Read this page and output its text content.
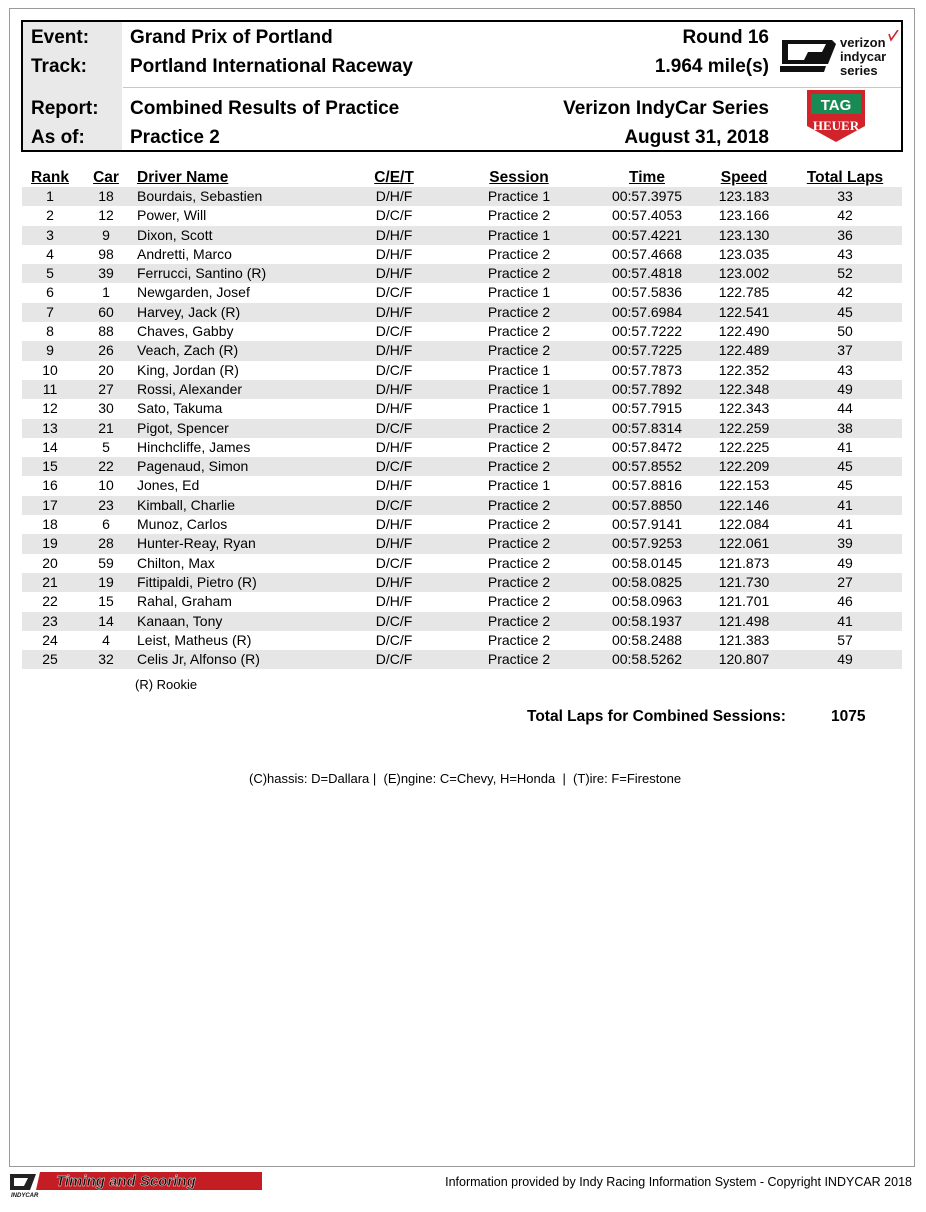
Event: Grand Prix of Portland	Round 16
Track: Portland International Raceway	1.964 mile(s)
Report: Combined Results of Practice	Verizon IndyCar Series
As of: Practice 2	August 31, 2018
verizon
indycar
series
TAG
HEUER
Rank	Car	Driver Name	C/E/T	Session	Time	Speed	Total Laps
1	18	Bourdais, Sebastien	D/H/F	Practice 1	00:57.3975	123.183	33
2	12	Power, Will	D/C/F	Practice 2	00:57.4053	123.166	42
3	9	Dixon, Scott	D/H/F	Practice 1	00:57.4221	123.130	36
4	98	Andretti, Marco	D/H/F	Practice 2	00:57.4668	123.035	43
5	39	Ferrucci, Santino (R)	D/H/F	Practice 2	00:57.4818	123.002	52
6	1	Newgarden, Josef	D/C/F	Practice 1	00:57.5836	122.785	42
7	60	Harvey, Jack (R)	D/H/F	Practice 2	00:57.6984	122.541	45
8	88	Chaves, Gabby	D/C/F	Practice 2	00:57.7222	122.490	50
9	26	Veach, Zach (R)	D/H/F	Practice 2	00:57.7225	122.489	37
10	20	King, Jordan (R)	D/C/F	Practice 1	00:57.7873	122.352	43
11	27	Rossi, Alexander	D/H/F	Practice 1	00:57.7892	122.348	49
12	30	Sato, Takuma	D/H/F	Practice 1	00:57.7915	122.343	44
13	21	Pigot, Spencer	D/C/F	Practice 2	00:57.8314	122.259	38
14	5	Hinchcliffe, James	D/H/F	Practice 2	00:57.8472	122.225	41
15	22	Pagenaud, Simon	D/C/F	Practice 2	00:57.8552	122.209	45
16	10	Jones, Ed	D/H/F	Practice 1	00:57.8816	122.153	45
17	23	Kimball, Charlie	D/C/F	Practice 2	00:57.8850	122.146	41
18	6	Munoz, Carlos	D/H/F	Practice 2	00:57.9141	122.084	41
19	28	Hunter-Reay, Ryan	D/H/F	Practice 2	00:57.9253	122.061	39
20	59	Chilton, Max	D/C/F	Practice 2	00:58.0145	121.873	49
21	19	Fittipaldi, Pietro (R)	D/H/F	Practice 2	00:58.0825	121.730	27
22	15	Rahal, Graham	D/H/F	Practice 2	00:58.0963	121.701	46
23	14	Kanaan, Tony	D/C/F	Practice 2	00:58.1937	121.498	41
24	4	Leist, Matheus (R)	D/C/F	Practice 2	00:58.2488	121.383	57
25	32	Celis Jr, Alfonso (R)	D/C/F	Practice 2	00:58.5262	120.807	49
(R) Rookie
Total Laps for Combined Sessions:	1075
(C)hassis: D=Dallara |  (E)ngine: C=Chevy, H=Honda  |  (T)ire: F=Firestone
Timing and Scoring
INDYCAR
Information provided by Indy Racing Information System - Copyright INDYCAR 2018
